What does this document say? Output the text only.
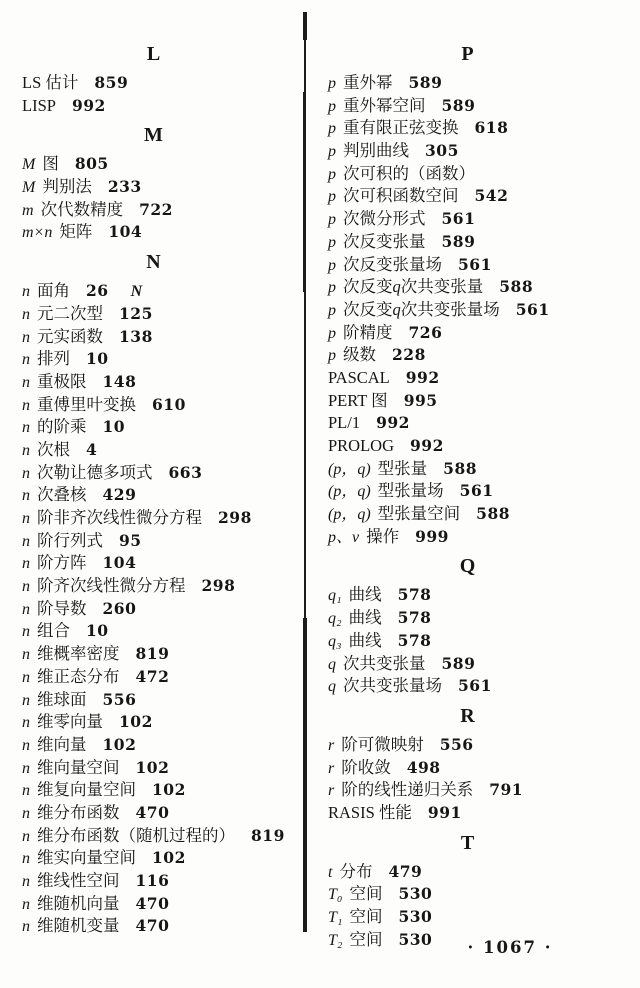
L
LS 估计 859
LISP 992
M
M 图 805
M 判别法 233
m 次代数精度 722
m×n 矩阵 104
N
n 面角 26 N
n 元二次型 125
n 元实函数 138
n 排列 10
n 重极限 148
n 重傅里叶变换 610
n 的阶乘 10
n 次根 4
n 次勒让德多项式 663
n 次叠核 429
n 阶非齐次线性微分方程 298
n 阶行列式 95
n 阶方阵 104
n 阶齐次线性微分方程 298
n 阶导数 260
n 组合 10
n 维概率密度 819
n 维正态分布 472
n 维球面 556
n 维零向量 102
n 维向量 102
n 维向量空间 102
n 维复向量空间 102
n 维分布函数 470
n 维分布函数（随机过程的） 819
n 维实向量空间 102
n 维线性空间 116
n 维随机向量 470
n 维随机变量 470
P
p 重外幂 589
p 重外幂空间 589
p 重有限正弦变换 618
p 判别曲线 305
p 次可积的（函数）
p 次可积函数空间 542
p 次微分形式 561
p 次反变张量 589
p 次反变张量场 561
p 次反变q次共变张量 588
p 次反变q次共变张量场 561
p 阶精度 726
p 级数 228
PASCAL 992
PERT 图 995
PL/1 992
PROLOG 992
(p，q) 型张量 588
(p，q) 型张量场 561
(p，q) 型张量空间 588
p、v 操作 999
Q
q₁ 曲线 578
q₂ 曲线 578
q₃ 曲线 578
q 次共变张量 589
q 次共变张量场 561
R
r 阶可微映射 556
r 阶收敛 498
r 阶的线性递归关系 791
RASIS 性能 991
T
t 分布 479
T₀ 空间 530
T₁ 空间 530
T₂ 空间 530	· 1067 ·
